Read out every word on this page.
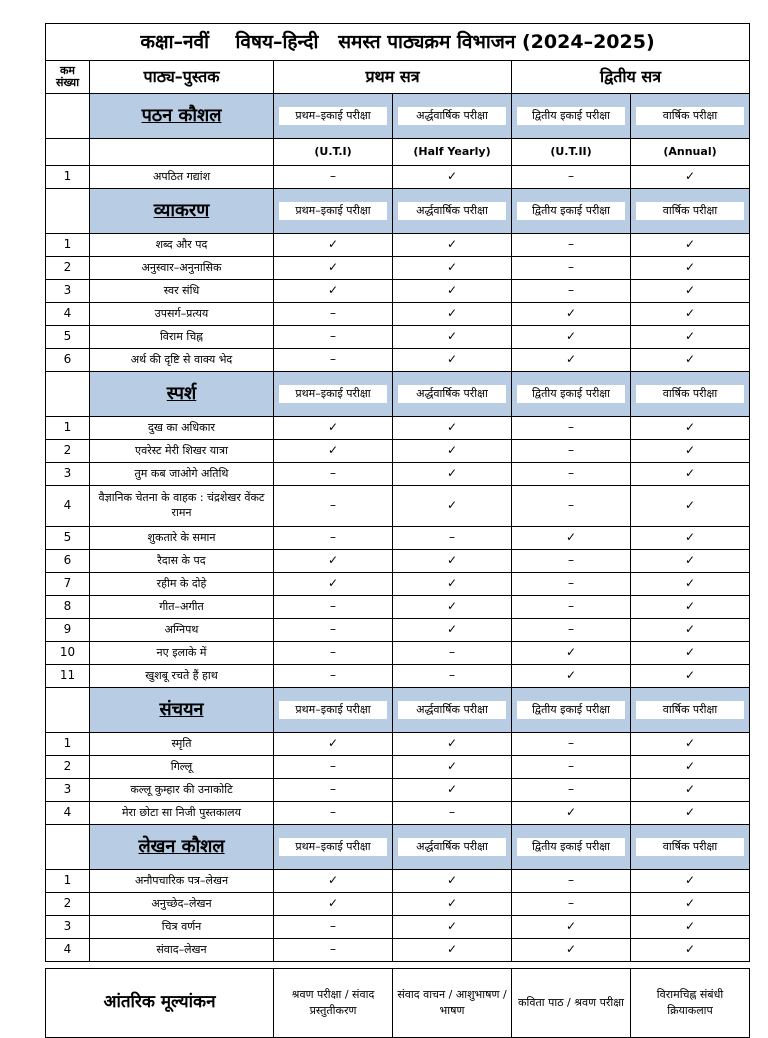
कक्षा–नवीं    विषय–हिन्दी   समस्त पाठ्यक्रम विभाजन (2024–2025)					
कम संख्या	पाठ्य–पुस्तक	प्रथम सत्र		द्वितीय सत्र	
	पठन कौशल	प्रथम–इकाई परीक्षा	अर्द्धवार्षिक परीक्षा	द्वितीय इकाई परीक्षा	वार्षिक परीक्षा

		(U.T.I)	(Half Yearly)	(U.T.II)	(Annual)
1	अपठित गद्यांश	–	✓	–	✓
	व्याकरण	प्रथम–इकाई परीक्षा	अर्द्धवार्षिक परीक्षा	द्वितीय इकाई परीक्षा	वार्षिक परीक्षा

1	शब्द और पद	✓	✓	–	✓
2	अनुस्वार–अनुनासिक	✓	✓	–	✓
3	स्वर संधि	✓	✓	–	✓
4	उपसर्ग–प्रत्यय	–	✓	✓	✓
5	विराम चिह्न	–	✓	✓	✓
6	अर्थ की दृष्टि से वाक्य भेद	–	✓	✓	✓
	स्पर्श	प्रथम–इकाई परीक्षा	अर्द्धवार्षिक परीक्षा	द्वितीय इकाई परीक्षा	वार्षिक परीक्षा

1	दुख का अधिकार	✓	✓	–	✓
2	एवरेस्ट मेरी शिखर यात्रा	✓	✓	–	✓
3	तुम कब जाओगे अतिथि	–	✓	–	✓
4	वैज्ञानिक चेतना के वाहक : चंद्रशेखर वेंकट रामन	–	✓	–	✓
5	शुकतारे के समान	–	–	✓	✓
6	रैदास के पद	✓	✓	–	✓
7	रहीम के दोहे	✓	✓	–	✓
8	गीत–अगीत	–	✓	–	✓
9	अग्निपथ	–	✓	–	✓
10	नए इलाके में	–	–	✓	✓
11	खुशबू रचते हैं हाथ	–	–	✓	✓
	संचयन	प्रथम–इकाई परीक्षा	अर्द्धवार्षिक परीक्षा	द्वितीय इकाई परीक्षा	वार्षिक परीक्षा

1	स्मृति	✓	✓	–	✓
2	गिल्लू	–	✓	–	✓
3	कल्लू कुम्हार की उनाकोटि	–	✓	–	✓
4	मेरा छोटा सा निजी पुस्तकालय	–	–	✓	✓
	लेखन कौशल	प्रथम–इकाई परीक्षा	अर्द्धवार्षिक परीक्षा	द्वितीय इकाई परीक्षा	वार्षिक परीक्षा

1	अनौपचारिक पत्र–लेखन	✓	✓	–	✓
2	अनुच्छेद–लेखन	✓	✓	–	✓
3	चित्र वर्णन	–	✓	✓	✓
4	संवाद–लेखन	–	✓	✓	✓
आंतरिक मूल्यांकन	श्रवण परीक्षा / संवाद प्रस्तुतीकरण	संवाद वाचन / आशुभाषण / भाषण	कविता पाठ / श्रवण परीक्षा	विरामचिह्न संबंधी क्रियाकलाप
